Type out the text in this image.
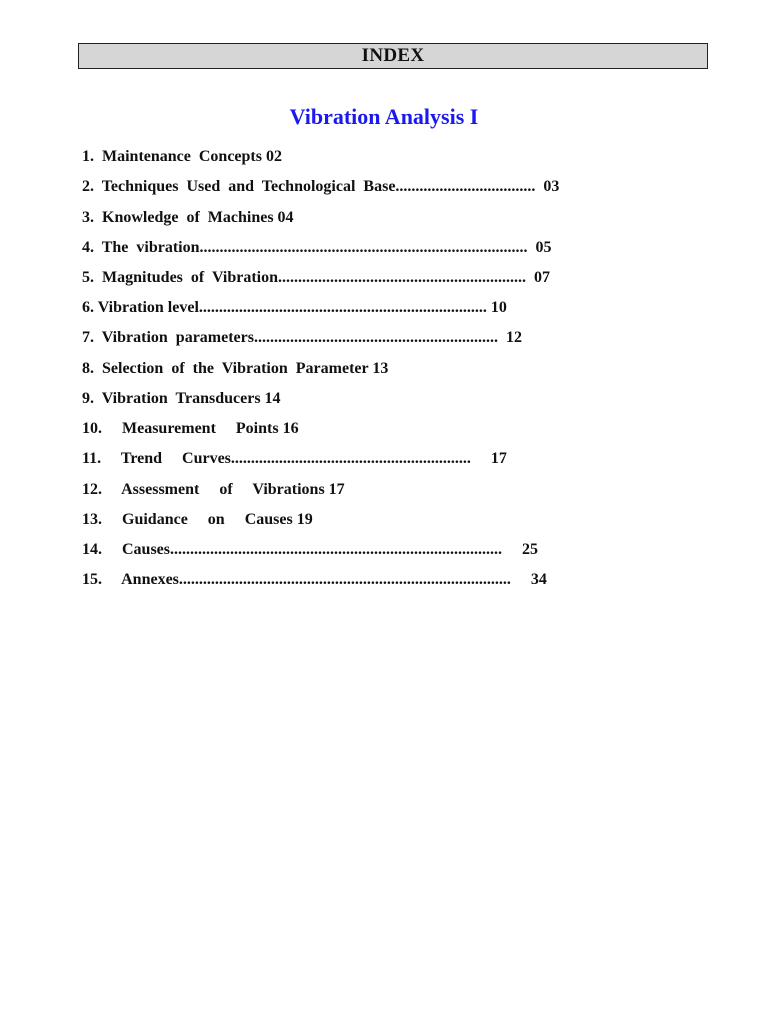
INDEX
Vibration Analysis I
1.  Maintenance  Concepts 02
2.  Techniques  Used  and  Technological  Base...................................  03
3.  Knowledge  of  Machines 04
4.  The  vibration..................................................................................  05
5.  Magnitudes  of  Vibration..............................................................  07
6. Vibration level........................................................................ 10
7.  Vibration  parameters.............................................................  12
8.  Selection  of  the  Vibration  Parameter 13
9.  Vibration  Transducers 14
10.     Measurement     Points 16
11.     Trend     Curves............................................................     17
12.     Assessment     of     Vibrations 17
13.     Guidance     on     Causes 19
14.     Causes...................................................................................     25
15.     Annexes...................................................................................     34
